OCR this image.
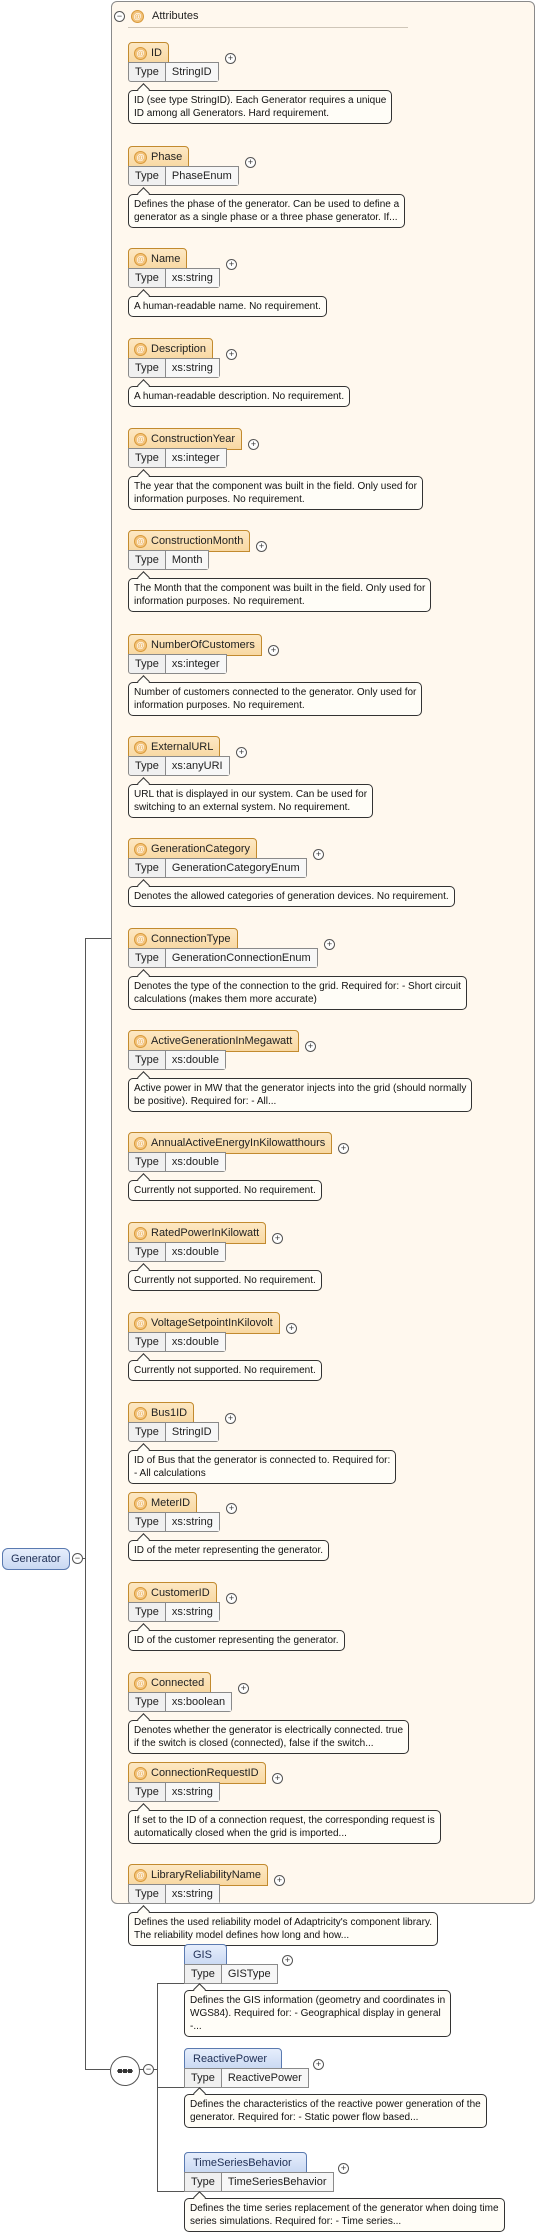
Generator	−
−	@ Attributes
@ ID
Type	StringID
+
ID (see type StringID). Each Generator requires a unique
ID among all Generators. Hard requirement.
@ Phase
Type	PhaseEnum
+
Defines the phase of the generator. Can be used to define a
generator as a single phase or a three phase generator. If...
@ Name
Type	xs:string
+
A human-readable name. No requirement.
@ Description
Type	xs:string
+
A human-readable description. No requirement.
@ ConstructionYear
Type	xs:integer
+
The year that the component was built in the field. Only used for
information purposes. No requirement.
@ ConstructionMonth
Type	Month
+
The Month that the component was built in the field. Only used for
information purposes. No requirement.
@ NumberOfCustomers
Type	xs:integer
+
Number of customers connected to the generator. Only used for
information purposes. No requirement.
@ ExternalURL
Type	xs:anyURI
+
URL that is displayed in our system. Can be used for
switching to an external system. No requirement.
@ GenerationCategory
Type	GenerationCategoryEnum
+
Denotes the allowed categories of generation devices. No requirement.
@ ConnectionType
Type	GenerationConnectionEnum
+
Denotes the type of the connection to the grid. Required for: - Short circuit
calculations (makes them more accurate)
@ ActiveGenerationInMegawatt
Type	xs:double
+
Active power in MW that the generator injects into the grid (should normally
be positive). Required for: - All...
@ AnnualActiveEnergyInKilowatthours
Type	xs:double
+
Currently not supported. No requirement.
@ RatedPowerInKilowatt
Type	xs:double
+
Currently not supported. No requirement.
@ VoltageSetpointInKilovolt
Type	xs:double
+
Currently not supported. No requirement.
@ Bus1ID
Type	StringID
+
ID of Bus that the generator is connected to. Required for:
- All calculations
@ MeterID
Type	xs:string
+
ID of the meter representing the generator.
@ CustomerID
Type	xs:string
+
ID of the customer representing the generator.
@ Connected
Type	xs:boolean
+
Denotes whether the generator is electrically connected. true
if the switch is closed (connected), false if the switch...
@ ConnectionRequestID
Type	xs:string
+
If set to the ID of a connection request, the corresponding request is
automatically closed when the grid is imported...
@ LibraryReliabilityName
Type	xs:string
+
Defines the used reliability model of Adaptricity's component library.
The reliability model defines how long and how...
−
GIS
Type	GISType
+
Defines the GIS information (geometry and coordinates in
WGS84). Required for: - Geographical display in general
-...
ReactivePower
Type	ReactivePower
+
Defines the characteristics of the reactive power generation of the
generator. Required for: - Static power flow based...
TimeSeriesBehavior
Type	TimeSeriesBehavior
+
Defines the time series replacement of the generator when doing time
series simulations. Required for: - Time series...
